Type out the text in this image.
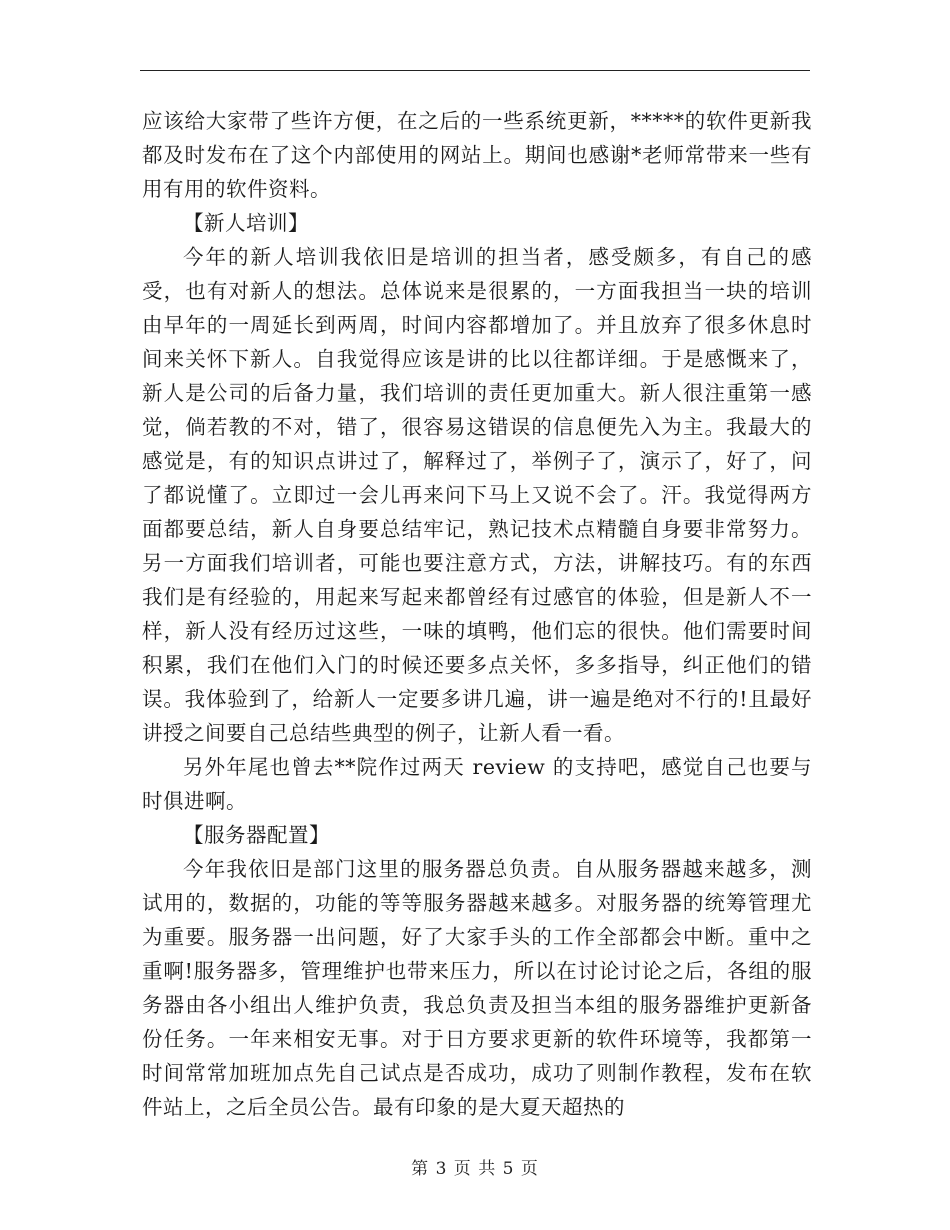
应该给大家带了些许方便，在之后的一些系统更新，*****的软件更新我都及时发布在了这个内部使用的网站上。期间也感谢*老师常带来一些有用有用的软件资料。

【新人培训】

今年的新人培训我依旧是培训的担当者，感受颇多，有自己的感受，也有对新人的想法。总体说来是很累的，一方面我担当一块的培训由早年的一周延长到两周，时间内容都增加了。并且放弃了很多休息时间来关怀下新人。自我觉得应该是讲的比以往都详细。于是感慨来了，新人是公司的后备力量，我们培训的责任更加重大。新人很注重第一感觉，倘若教的不对，错了，很容易这错误的信息便先入为主。我最大的感觉是，有的知识点讲过了，解释过了，举例子了，演示了，好了，问了都说懂了。立即过一会儿再来问下马上又说不会了。汗。我觉得两方面都要总结，新人自身要总结牢记，熟记技术点精髓自身要非常努力。另一方面我们培训者，可能也要注意方式，方法，讲解技巧。有的东西我们是有经验的，用起来写起来都曾经有过感官的体验，但是新人不一样，新人没有经历过这些，一味的填鸭，他们忘的很快。他们需要时间积累，我们在他们入门的时候还要多点关怀，多多指导，纠正他们的错误。我体验到了，给新人一定要多讲几遍，讲一遍是绝对不行的!且最好讲授之间要自己总结些典型的例子，让新人看一看。

另外年尾也曾去**院作过两天 review 的支持吧，感觉自己也要与时俱进啊。

【服务器配置】

今年我依旧是部门这里的服务器总负责。自从服务器越来越多，测试用的，数据的，功能的等等服务器越来越多。对服务器的统筹管理尤为重要。服务器一出问题，好了大家手头的工作全部都会中断。重中之重啊!服务器多，管理维护也带来压力，所以在讨论讨论之后，各组的服务器由各小组出人维护负责，我总负责及担当本组的服务器维护更新备份任务。一年来相安无事。对于日方要求更新的软件环境等，我都第一时间常常加班加点先自己试点是否成功，成功了则制作教程，发布在软件站上，之后全员公告。最有印象的是大夏天超热的

第 3 页 共 5 页
